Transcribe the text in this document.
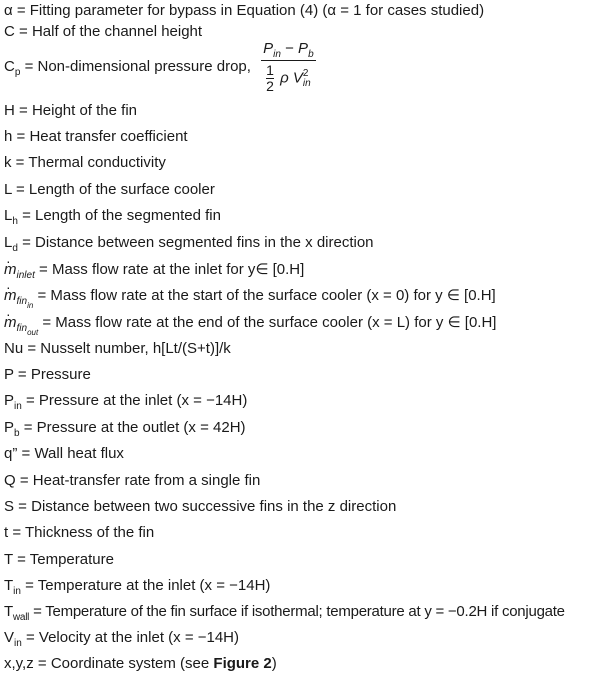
α = Fitting parameter for bypass in Equation (4) (α = 1 for cases studied)
C = Half of the channel height
$C_p$ = Non-dimensional pressure drop, $P_{in} - P_b$
$\frac{1}{2}$ ρ V 2
in
H = Height of the fin
h = Heat transfer coefficient
k = Thermal conductivity
L = Length of the surface cooler
$L_h$ = Length of the segmented fin
$L_d$ = Distance between segmented fins in the x direction
· $m_{inlet}$ = Mass flow rate at the inlet for y∈ [0.H]
· $m_{fin_{in}}$ = Mass flow rate at the start of the surface cooler (x = 0) for y ∈ [0.H]
· $m_{fin_{out}}$ = Mass flow rate at the end of the surface cooler (x = L) for y ∈ [0.H]
Nu = Nusselt number, h[Lt/(S+t)]/k
P = Pressure
$P_{in}$ = Pressure at the inlet (x = −14H)
$P_b$ = Pressure at the outlet (x = 42H)
q” = Wall heat flux
Q = Heat-transfer rate from a single fin
S = Distance between two successive fins in the z direction
t = Thickness of the fin
T = Temperature
$T_{in}$ = Temperature at the inlet (x = −14H)
$T_{wall}$ = Temperature of the fin surface if isothermal; temperature at y = −0.2H if conjugate
$V_{in}$ = Velocity at the inlet (x = −14H)
x,y,z = Coordinate system (see Figure 2)
